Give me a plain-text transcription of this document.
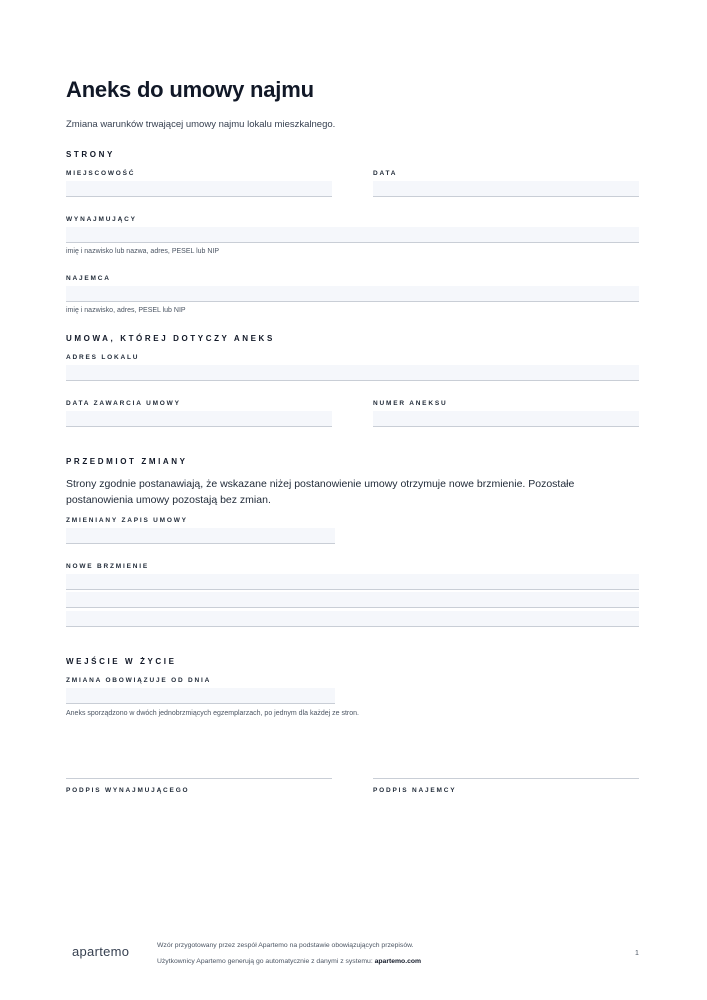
Aneks do umowy najmu

Zmiana warunków trwającej umowy najmu lokalu mieszkalnego.

STRONY
MIEJSCOWOŚĆ	DATA
WYNAJMUJĄCY
imię i nazwisko lub nazwa, adres, PESEL lub NIP
NAJEMCA
imię i nazwisko, adres, PESEL lub NIP
UMOWA, KTÓREJ DOTYCZY ANEKS
ADRES LOKALU
DATA ZAWARCIA UMOWY	NUMER ANEKSU
PRZEDMIOT ZMIANY

Strony zgodnie postanawiają, że wskazane niżej postanowienie umowy otrzymuje nowe brzmienie. Pozostałe postanowienia umowy pozostają bez zmian.

ZMIENIANY ZAPIS UMOWY
NOWE BRZMIENIE
WEJŚCIE W ŻYCIE
ZMIANA OBOWIĄZUJE OD DNIA

Aneks sporządzono w dwóch jednobrzmiących egzemplarzach, po jednym dla każdej ze stron.

PODPIS WYNAJMUJĄCEGO	PODPIS NAJEMCY
apartemo	Wzór przygotowany przez zespół Apartemo na podstawie obowiązujących przepisów.
Użytkownicy Apartemo generują go automatycznie z danymi z systemu: apartemo.com
1
